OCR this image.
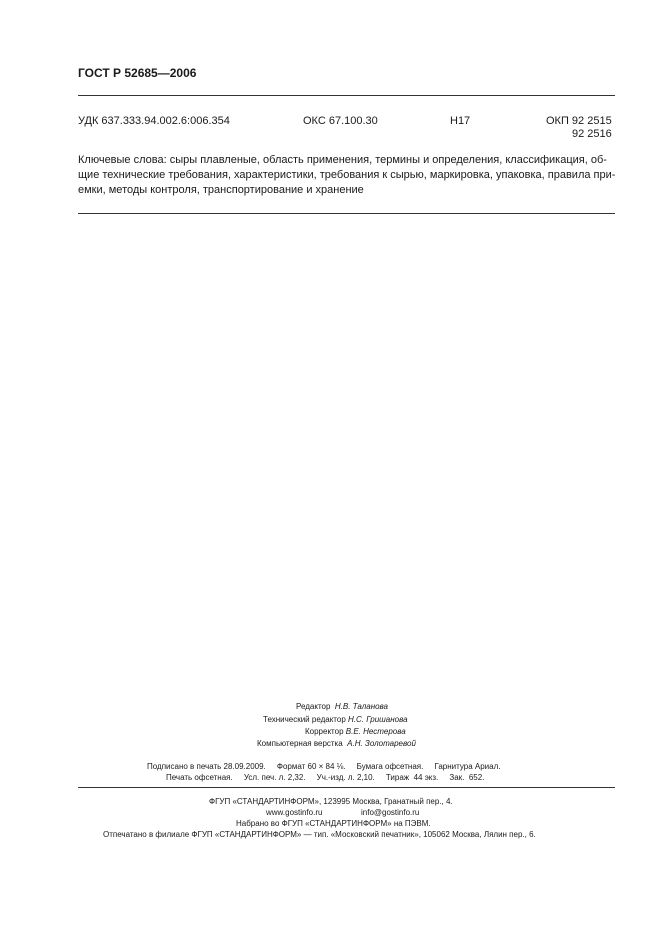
ГОСТ Р 52685—2006
УДК 637.333.94.002.6:006.354	ОКС 67.100.30	Н17	ОКП 92 2515
92 2516
Ключевые слова: сыры плавленые, область применения, термины и определения, классификация, об-
щие технические требования, характеристики, требования к сырью, маркировка, упаковка, правила при-
емки, методы контроля, транспортирование и хранение
Редактор Н.В. Таланова
Технический редактор Н.С. Гришанова
Корректор В.Е. Нестерова
Компьютерная верстка А.Н. Золотаревой
Подписано в печать 28.09.2009.     Формат 60 × 84 ⅛.     Бумага офсетная.     Гарнитура Ариал.
Печать офсетная.     Усл. печ. л. 2,32.     Уч.-изд. л. 2,10.     Тираж  44 экз.     Зак.  652.
ФГУП «СТАНДАРТИНФОРМ», 123995 Москва, Гранатный пер., 4.
www.gostinfo.ru	info@gostinfo.ru
Набрано во ФГУП «СТАНДАРТИНФОРМ» на ПЭВМ.
Отпечатано в филиале ФГУП «СТАНДАРТИНФОРМ» — тип. «Московский печатник», 105062 Москва, Лялин пер., 6.
